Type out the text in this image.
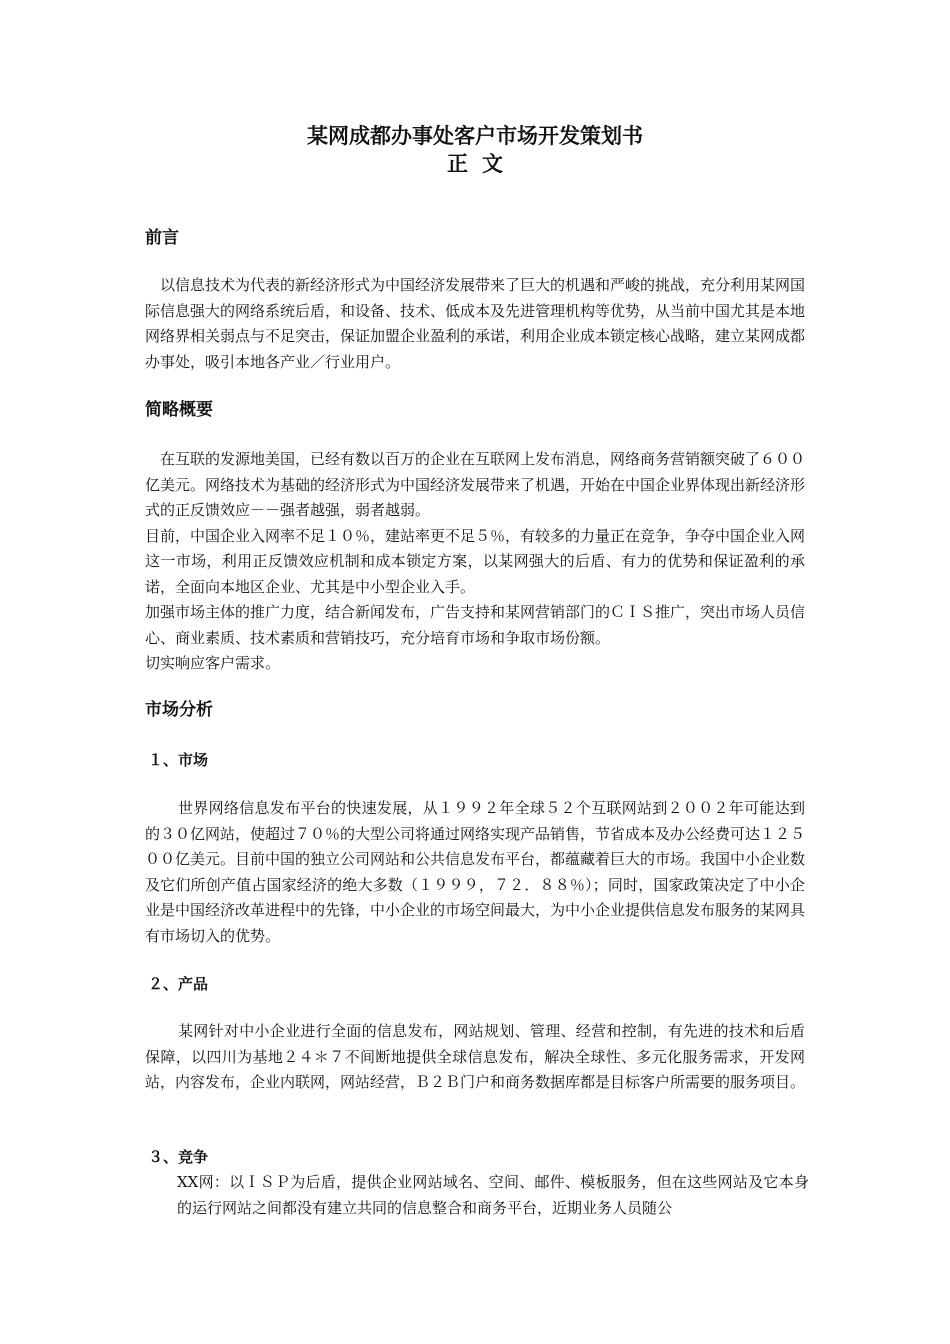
某网成都办事处客户市场开发策划书
正文
前言
以信息技术为代表的新经济形式为中国经济发展带来了巨大的机遇和严峻的挑战，充分利用某网国际信息强大的网络系统后盾，和设备、技术、低成本及先进管理机构等优势，从当前中国尤其是本地网络界相关弱点与不足突击，保证加盟企业盈利的承诺，利用企业成本锁定核心战略，建立某网成都办事处，吸引本地各产业／行业用户。
简略概要
在互联的发源地美国，已经有数以百万的企业在互联网上发布消息，网络商务营销额突破了６００亿美元。网络技术为基础的经济形式为中国经济发展带来了机遇，开始在中国企业界体现出新经济形式的正反馈效应－－强者越强，弱者越弱。
目前，中国企业入网率不足１０％，建站率更不足５％，有较多的力量正在竞争，争夺中国企业入网这一市场，利用正反馈效应机制和成本锁定方案，以某网强大的后盾、有力的优势和保证盈利的承诺，全面向本地区企业、尤其是中小型企业入手。
加强市场主体的推广力度，结合新闻发布，广告支持和某网营销部门的ＣＩＳ推广，突出市场人员信心、商业素质、技术素质和营销技巧，充分培育市场和争取市场份额。
切实响应客户需求。
市场分析
１、市场
世界网络信息发布平台的快速发展，从１９９２年全球５２个互联网站到２００２年可能达到的３０亿网站，使超过７０％的大型公司将通过网络实现产品销售，节省成本及办公经费可达１２５００亿美元。目前中国的独立公司网站和公共信息发布平台，都蕴藏着巨大的市场。我国中小企业数及它们所创产值占国家经济的绝大多数（１９９９，７２．８８％）；同时，国家政策决定了中小企业是中国经济改革进程中的先锋，中小企业的市场空间最大，为中小企业提供信息发布服务的某网具有市场切入的优势。
２、产品
某网针对中小企业进行全面的信息发布，网站规划、管理、经营和控制，有先进的技术和后盾保障，以四川为基地２４＊７不间断地提供全球信息发布，解决全球性、多元化服务需求，开发网站，内容发布，企业内联网，网站经营，Ｂ２Ｂ门户和商务数据库都是目标客户所需要的服务项目。
３、竞争
XX网：以ＩＳＰ为后盾，提供企业网站域名、空间、邮件、模板服务，但在这些网站及它本身的运行网站之间都没有建立共同的信息整合和商务平台，近期业务人员随公
